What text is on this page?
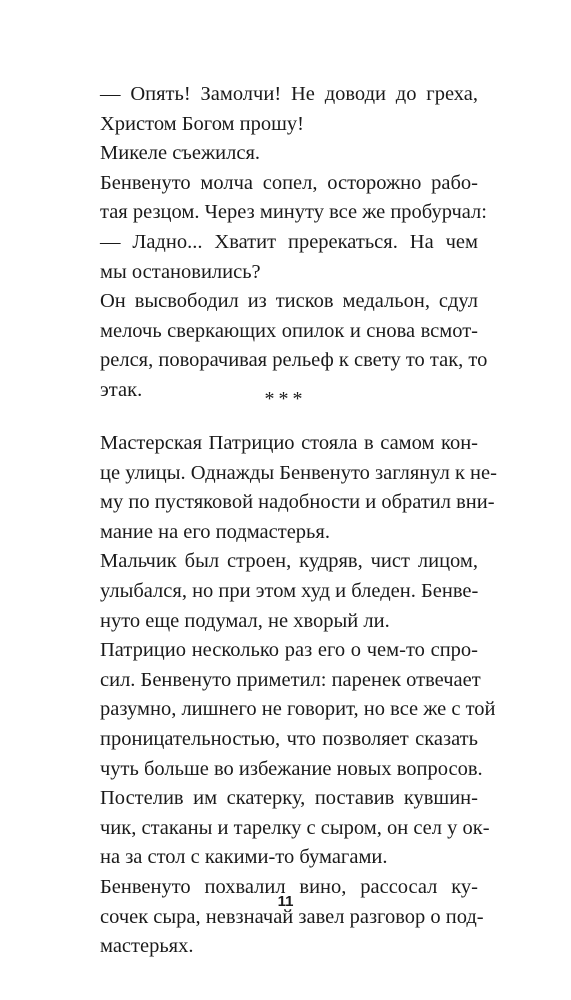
— Опять! Замолчи! Не доводи до греха,
Христом Богом прошу!
Микеле съежился.
Бенвенуто молча сопел, осторожно рабо-
тая резцом. Через минуту все же пробурчал:
— Ладно... Хватит пререкаться. На чем
мы остановились?
Он высвободил из тисков медальон, сдул
мелочь сверкающих опилок и снова всмот-
релся, поворачивая рельеф к свету то так, то
этак.	***
Мастерская Патрицио стояла в самом кон-
це улицы. Однажды Бенвенуто заглянул к не-
му по пустяковой надобности и обратил вни-
мание на его подмастерья.
Мальчик был строен, кудряв, чист лицом,
улыбался, но при этом худ и бледен. Бенве-
нуто еще подумал, не хворый ли.
Патрицио несколько раз его о чем-то спро-
сил. Бенвенуто приметил: паренек отвечает
разумно, лишнего не говорит, но все же с той
проницательностью, что позволяет сказать
чуть больше во избежание новых вопросов.
Постелив им скатерку, поставив кувшин-
чик, стаканы и тарелку с сыром, он сел у ок-
на за стол с какими-то бумагами.
Бенвенуто похвалил вино, рассосал ку-
сочек сыра, невзначай завел разговор о под-
мастерьях.
11
